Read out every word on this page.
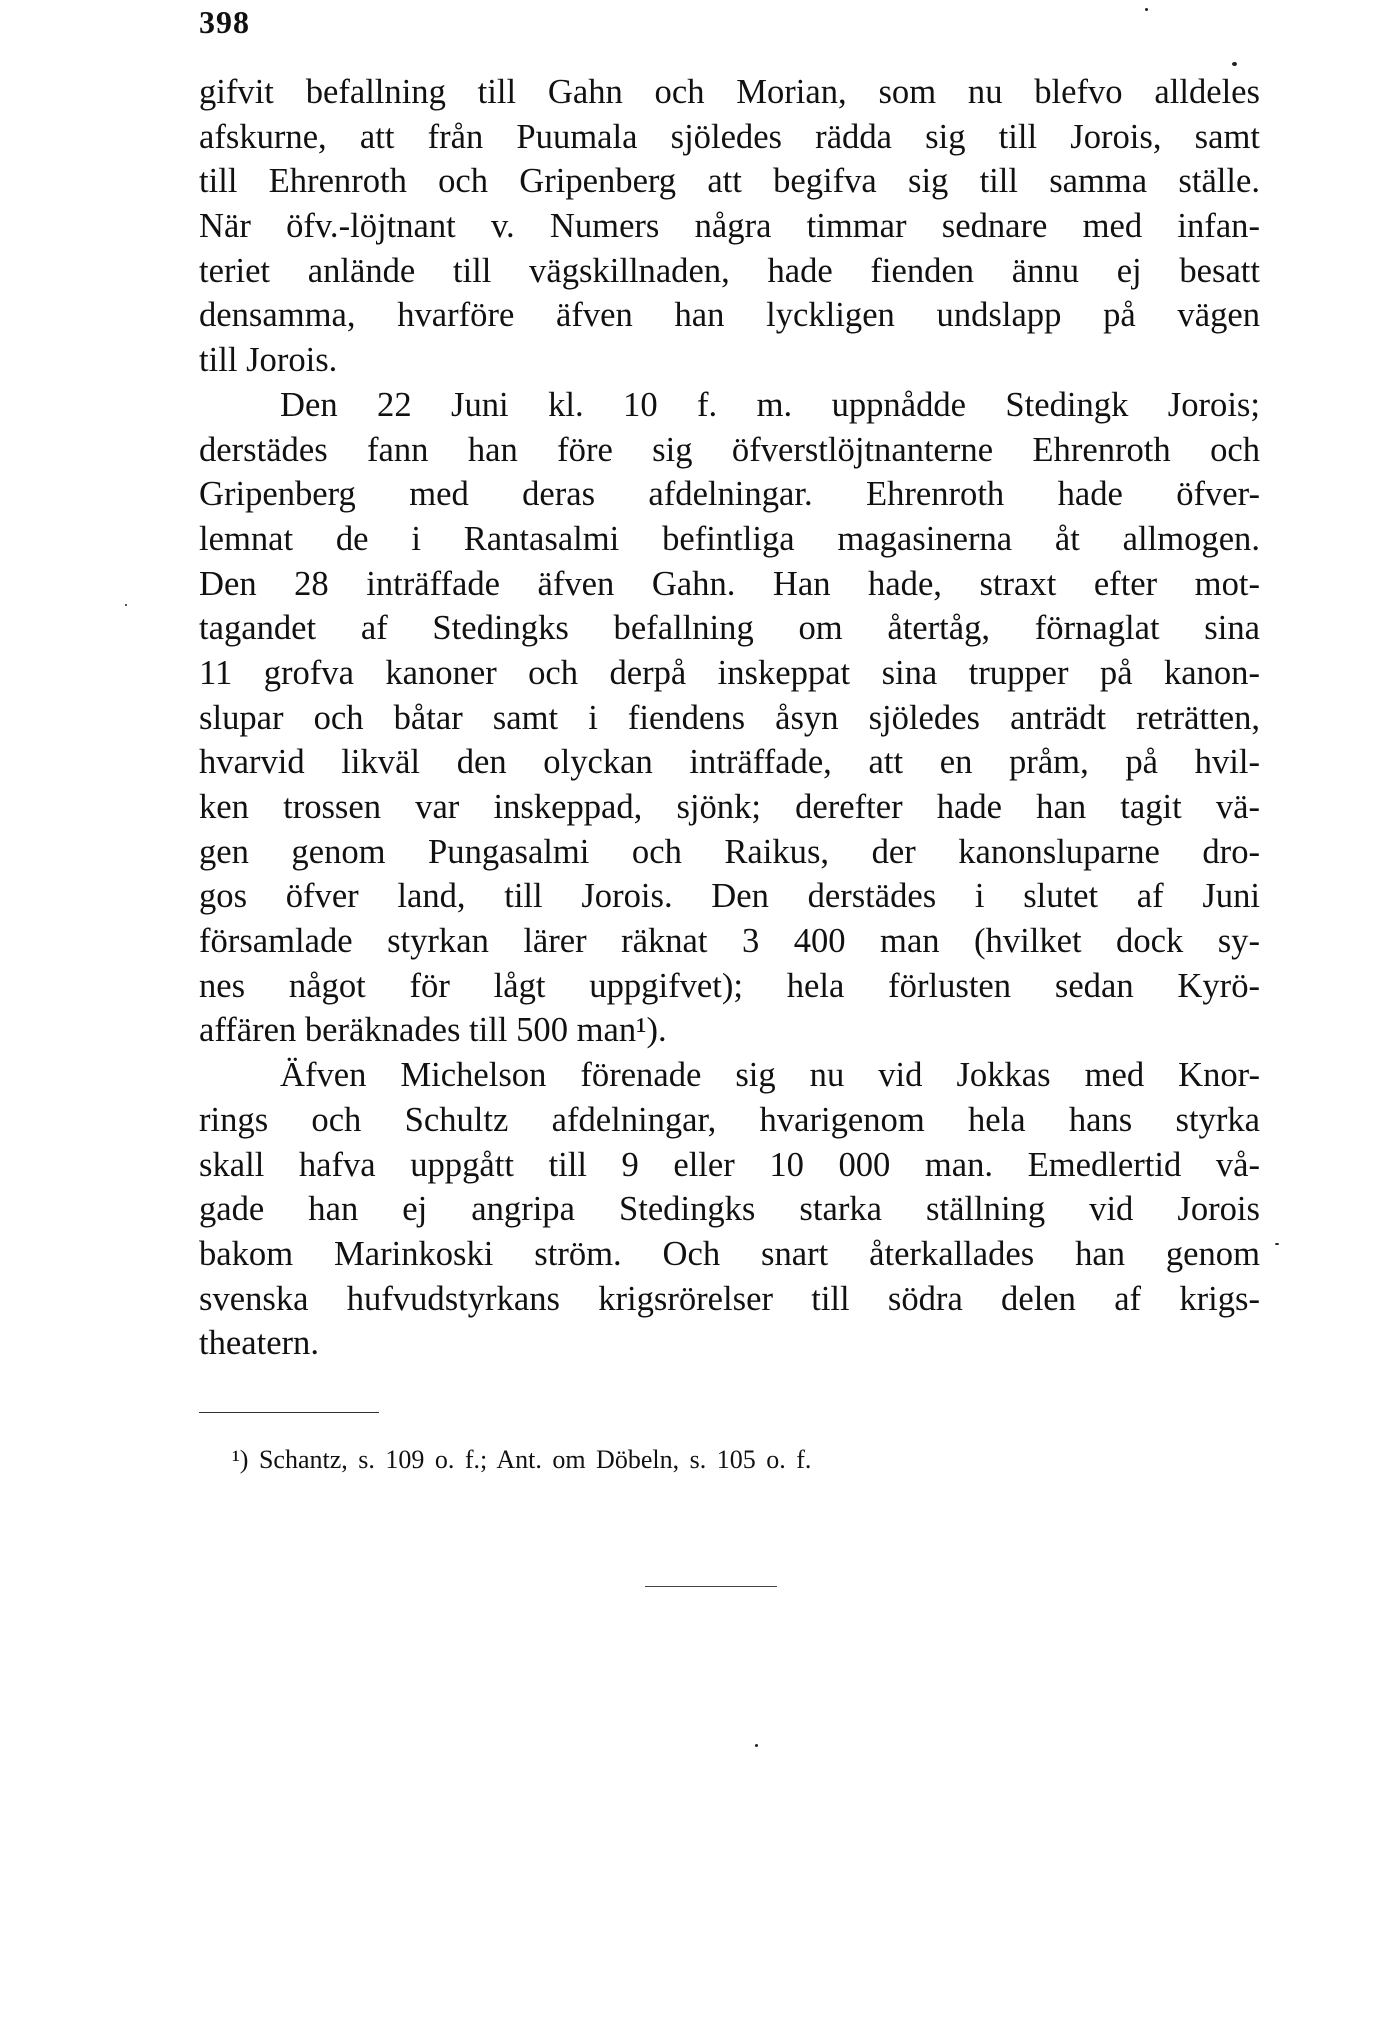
398
gifvit befallning till Gahn och Morian, som nu blefvo alldeles
afskurne, att från Puumala sjöledes rädda sig till Jorois, samt
till Ehrenroth och Gripenberg att begifva sig till samma ställe.
När öfv.-löjtnant v. Numers några timmar sednare med infan-
teriet anlände till vägskillnaden, hade fienden ännu ej besatt
densamma, hvarföre äfven han lyckligen undslapp på vägen
till Jorois.
Den 22 Juni kl. 10 f. m. uppnådde Stedingk Jorois;
derstädes fann han före sig öfverstlöjtnanterne Ehrenroth och
Gripenberg med deras afdelningar. Ehrenroth hade öfver-
lemnat de i Rantasalmi befintliga magasinerna åt allmogen.
Den 28 inträffade äfven Gahn. Han hade, straxt efter mot-
tagandet af Stedingks befallning om återtåg, förnaglat sina
11 grofva kanoner och derpå inskeppat sina trupper på kanon-
slupar och båtar samt i fiendens åsyn sjöledes anträdt reträtten,
hvarvid likväl den olyckan inträffade, att en pråm, på hvil-
ken trossen var inskeppad, sjönk; derefter hade han tagit vä-
gen genom Pungasalmi och Raikus, der kanonsluparne dro-
gos öfver land, till Jorois. Den derstädes i slutet af Juni
församlade styrkan lärer räknat 3 400 man (hvilket dock sy-
nes något för lågt uppgifvet); hela förlusten sedan Kyrö-
affären beräknades till 500 man¹).
Äfven Michelson förenade sig nu vid Jokkas med Knor-
rings och Schultz afdelningar, hvarigenom hela hans styrka
skall hafva uppgått till 9 eller 10 000 man. Emedlertid vå-
gade han ej angripa Stedingks starka ställning vid Jorois
bakom Marinkoski ström. Och snart återkallades han genom
svenska hufvudstyrkans krigsrörelser till södra delen af krigs-
theatern.
¹) Schantz, s. 109 o. f.; Ant. om Döbeln, s. 105 o. f.
